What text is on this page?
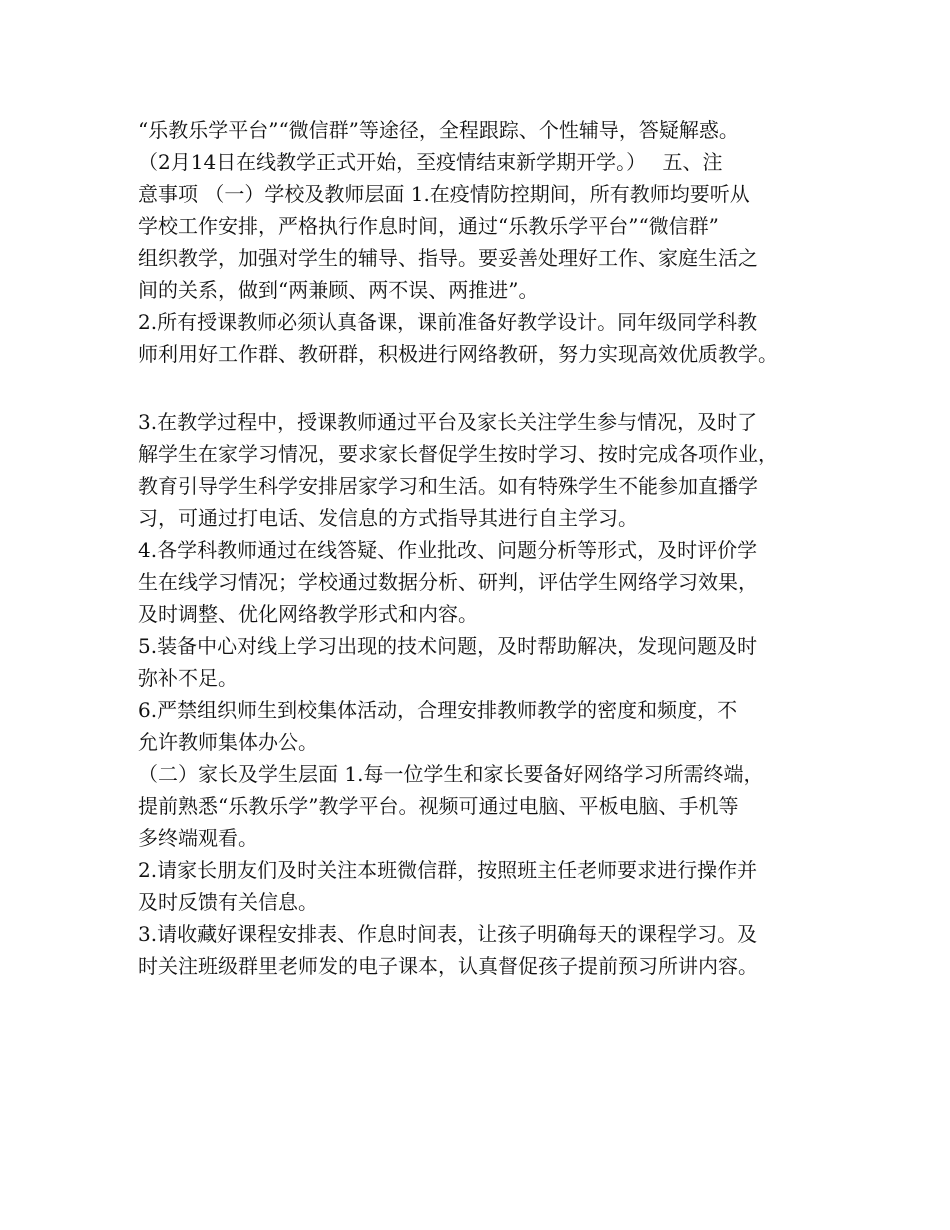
“乐教乐学平台”“微信群”等途径，全程跟踪、个性辅导，答疑解惑。
（2月14日在线教学正式开始，至疫情结束新学期开学。）　 五、注
意事项 （一）学校及教师层面 1.在疫情防控期间，所有教师均要听从
学校工作安排，严格执行作息时间，通过“乐教乐学平台”“微信群”
组织教学，加强对学生的辅导、指导。要妥善处理好工作、家庭生活之
间的关系，做到“两兼顾、两不误、两推进”。
2.所有授课教师必须认真备课，课前准备好教学设计。同年级同学科教
师利用好工作群、教研群，积极进行网络教研，努力实现高效优质教学。
3.在教学过程中，授课教师通过平台及家长关注学生参与情况，及时了
解学生在家学习情况，要求家长督促学生按时学习、按时完成各项作业，
教育引导学生科学安排居家学习和生活。如有特殊学生不能参加直播学
习，可通过打电话、发信息的方式指导其进行自主学习。
4.各学科教师通过在线答疑、作业批改、问题分析等形式，及时评价学
生在线学习情况；学校通过数据分析、研判，评估学生网络学习效果，
及时调整、优化网络教学形式和内容。
5.装备中心对线上学习出现的技术问题，及时帮助解决，发现问题及时
弥补不足。
6.严禁组织师生到校集体活动，合理安排教师教学的密度和频度，不
允许教师集体办公。
（二）家长及学生层面 1.每一位学生和家长要备好网络学习所需终端，
提前熟悉“乐教乐学”教学平台。视频可通过电脑、平板电脑、手机等
多终端观看。
2.请家长朋友们及时关注本班微信群，按照班主任老师要求进行操作并
及时反馈有关信息。
3.请收藏好课程安排表、作息时间表，让孩子明确每天的课程学习。及
时关注班级群里老师发的电子课本，认真督促孩子提前预习所讲内容。
